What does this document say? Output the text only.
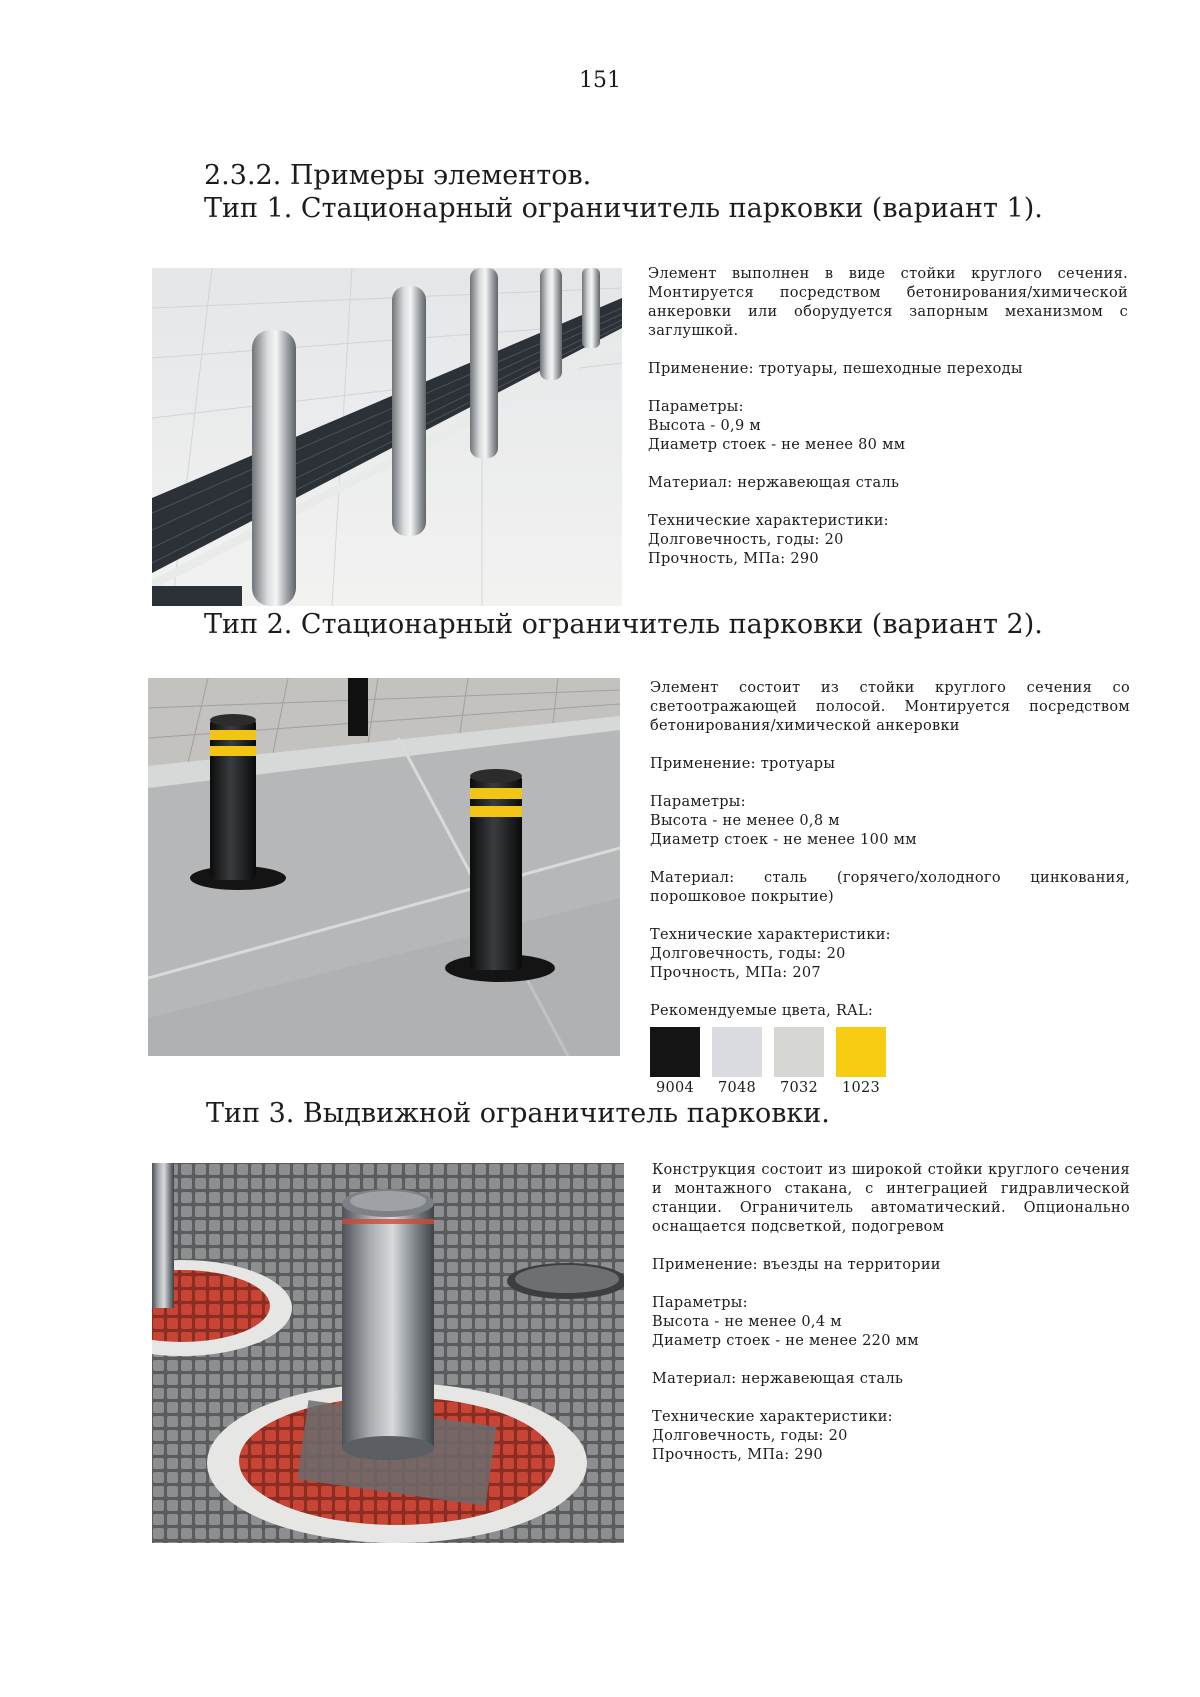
151
2.3.2. Примеры элементов.
Тип 1. Стационарный ограничитель парковки (вариант 1).

Элемент выполнен в виде стойки круглого сечения. Монтируется посредством бетонирования/химической анкеровки или оборудуется запорным механизмом с заглушкой.

Применение: тротуары, пешеходные переходы

Параметры:
Высота - 0,9 м
Диаметр стоек - не менее 80 мм

Материал: нержавеющая сталь

Технические характеристики:
Долговечность, годы: 20
Прочность, МПа: 290

Тип 2. Стационарный ограничитель парковки (вариант 2).

Элемент состоит из стойки круглого сечения со светоотражающей полосой. Монтируется посредством бетонирования/химической анкеровки

Применение: тротуары

Параметры:
Высота - не менее 0,8 м
Диаметр стоек - не менее 100 мм

Материал: сталь (горячего/холодного цинкования, порошковое покрытие)

Технические характеристики:
Долговечность, годы: 20
Прочность, МПа: 207

Рекомендуемые цвета, RAL:
9004	7048	7032	1023
Тип 3. Выдвижной ограничитель парковки.

Конструкция состоит из широкой стойки круглого сечения и монтажного стакана, с интеграцией гидравлической станции. Ограничитель автоматический. Опционально оснащается подсветкой, подогревом

Применение: въезды на территории

Параметры:
Высота - не менее 0,4 м
Диаметр стоек - не менее 220 мм

Материал: нержавеющая сталь

Технические характеристики:
Долговечность, годы: 20
Прочность, МПа: 290
